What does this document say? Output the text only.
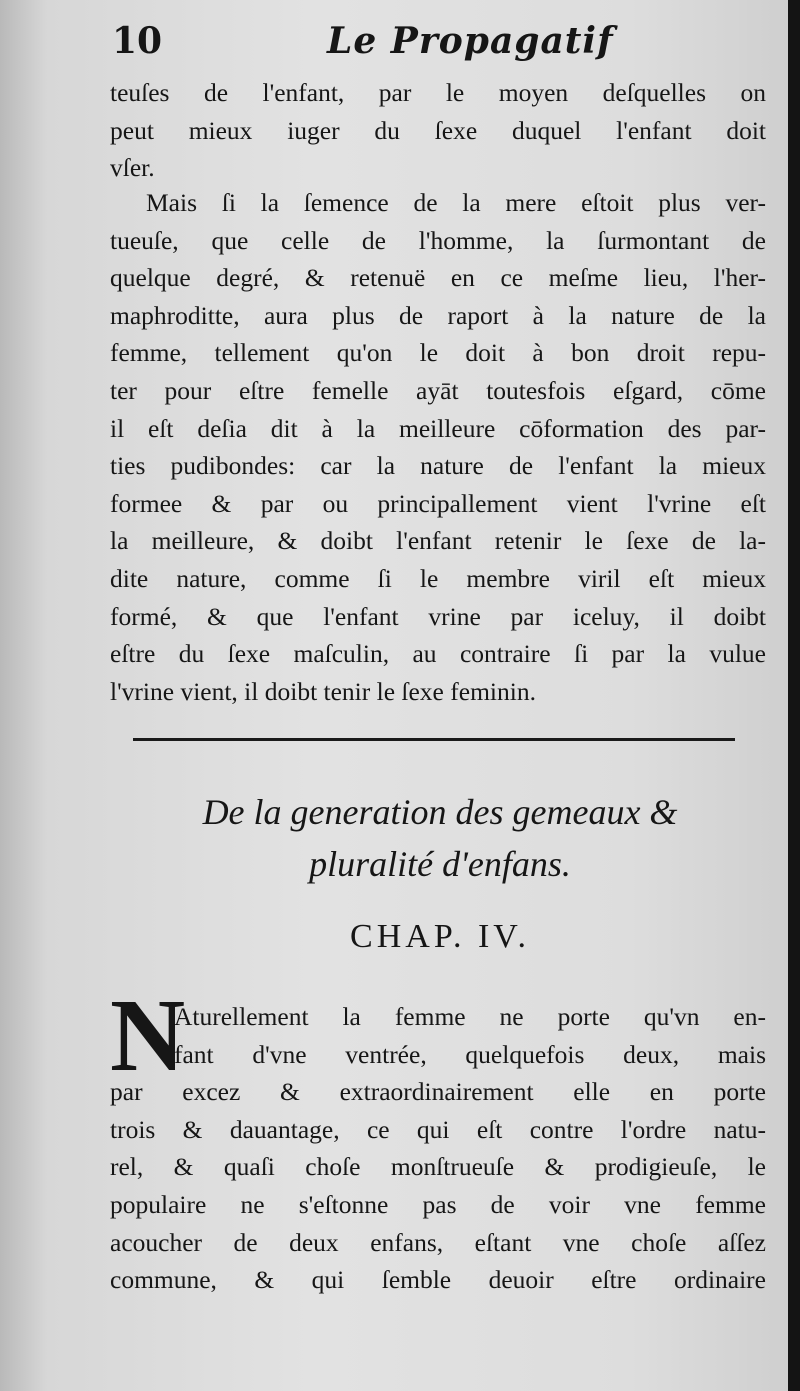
10	Le Propagatif
teuſes de l'enfant, par le moyen deſquelles on
peut mieux iuger du ſexe duquel l'enfant doit
vſer.
Mais ſi la ſemence de la mere eſtoit plus ver-
tueuſe, que celle de l'homme, la ſurmontant de
quelque degré, & retenuë en ce meſme lieu, l'her-
maphroditte, aura plus de raport à la nature de la
femme, tellement qu'on le doit à bon droit repu-
ter pour eſtre femelle ayāt toutesfois eſgard, cōme
il eſt deſia dit à la meilleure cōformation des par-
ties pudibondes: car la nature de l'enfant la mieux
formee & par ou principallement vient l'vrine eſt
la meilleure, & doibt l'enfant retenir le ſexe de la-
dite nature, comme ſi le membre viril eſt mieux
formé, & que l'enfant vrine par iceluy, il doibt
eſtre du ſexe maſculin, au contraire ſi par la vulue
l'vrine vient, il doibt tenir le ſexe feminin.
De la generation des gemeaux &
pluralité d'enfans.
CHAP. IV.
N
Aturellement la femme ne porte qu'vn en-
fant d'vne ventrée, quelquefois deux, mais
par excez & extraordinairement elle en porte
trois & dauantage, ce qui eſt contre l'ordre natu-
rel, & quaſi choſe monſtrueuſe & prodigieuſe, le
populaire ne s'eſtonne pas de voir vne femme
acoucher de deux enfans, eſtant vne choſe aſſez
commune, & qui ſemble deuoir eſtre ordinaire
